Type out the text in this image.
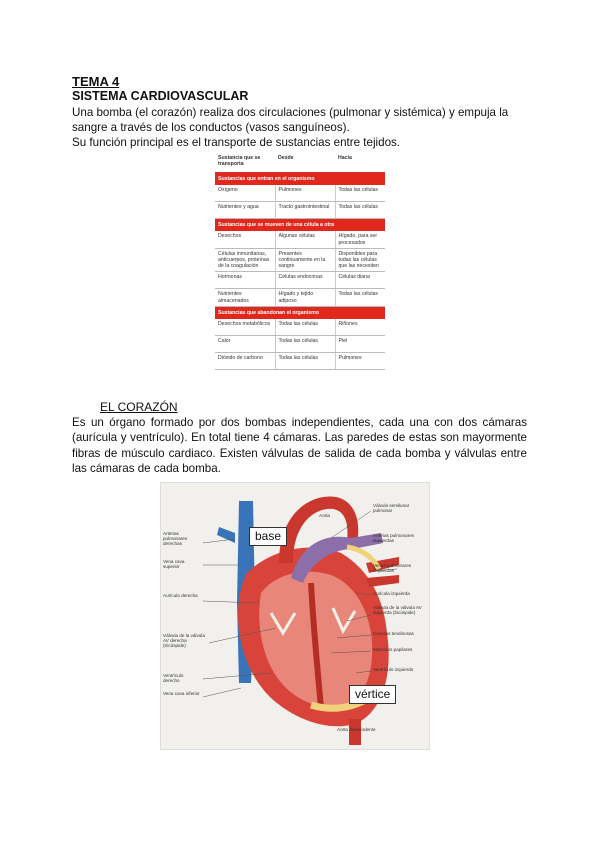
TEMA 4
SISTEMA CARDIOVASCULAR
Una bomba (el corazón) realiza dos circulaciones (pulmonar y sistémica) y empuja la sangre a través de los conductos (vasos sanguíneos).
Su función principal es el transporte de sustancias entre tejidos.
Sustancia que se transporta	Desde	Hacia
Sustancias que entran en el organismo		
Oxígeno	Pulmones	Todas las células
Nutrientes y agua	Tracto gastrointestinal	Todas las células
Sustancias que se mueven de una célula a otra		
Desechos	Algunas células	Hígado, para ser procesados
Células inmunitarias, anticuerpos, proteínas de la coagulación	Presentes continuamente en la sangre	Disponibles para todas las células que las necesiten
Hormonas	Células endocrinas	Células diana
Nutrientes almacenados	Hígado y tejido adiposo	Todas las células
Sustancias que abandonan el organismo		
Desechos metabólicos	Todas las células	Riñones
Calor	Todas las células	Piel
Dióxido de carbono	Todas las células	Pulmones
EL CORAZÓN
Es un órgano formado por dos bombas independientes, cada una con dos cámaras (aurícula y ventrículo). En total tiene 4 cámaras. Las paredes de estas son mayormente fibras de músculo cardiaco. Existen válvulas de salida de cada bomba y válvulas entre las cámaras de cada bomba.
Aorta
Arterias pulmonares derechas
Vena cava superior
Aurícula derecha
Válvula de la válvula AV derecha (tricúspide)
Ventrículo derecho
Vena cava inferior
Válvula semilunar pulmonar
Arterias pulmonares izquierdas
Venas pulmonares izquierdas
Aurícula izquierda
Válvula de la válvula AV izquierda (bicúspide)
Cuerdas tendinosas
Músculos papilares
Ventrículo izquierdo
Aorta descendente
base
vértice
